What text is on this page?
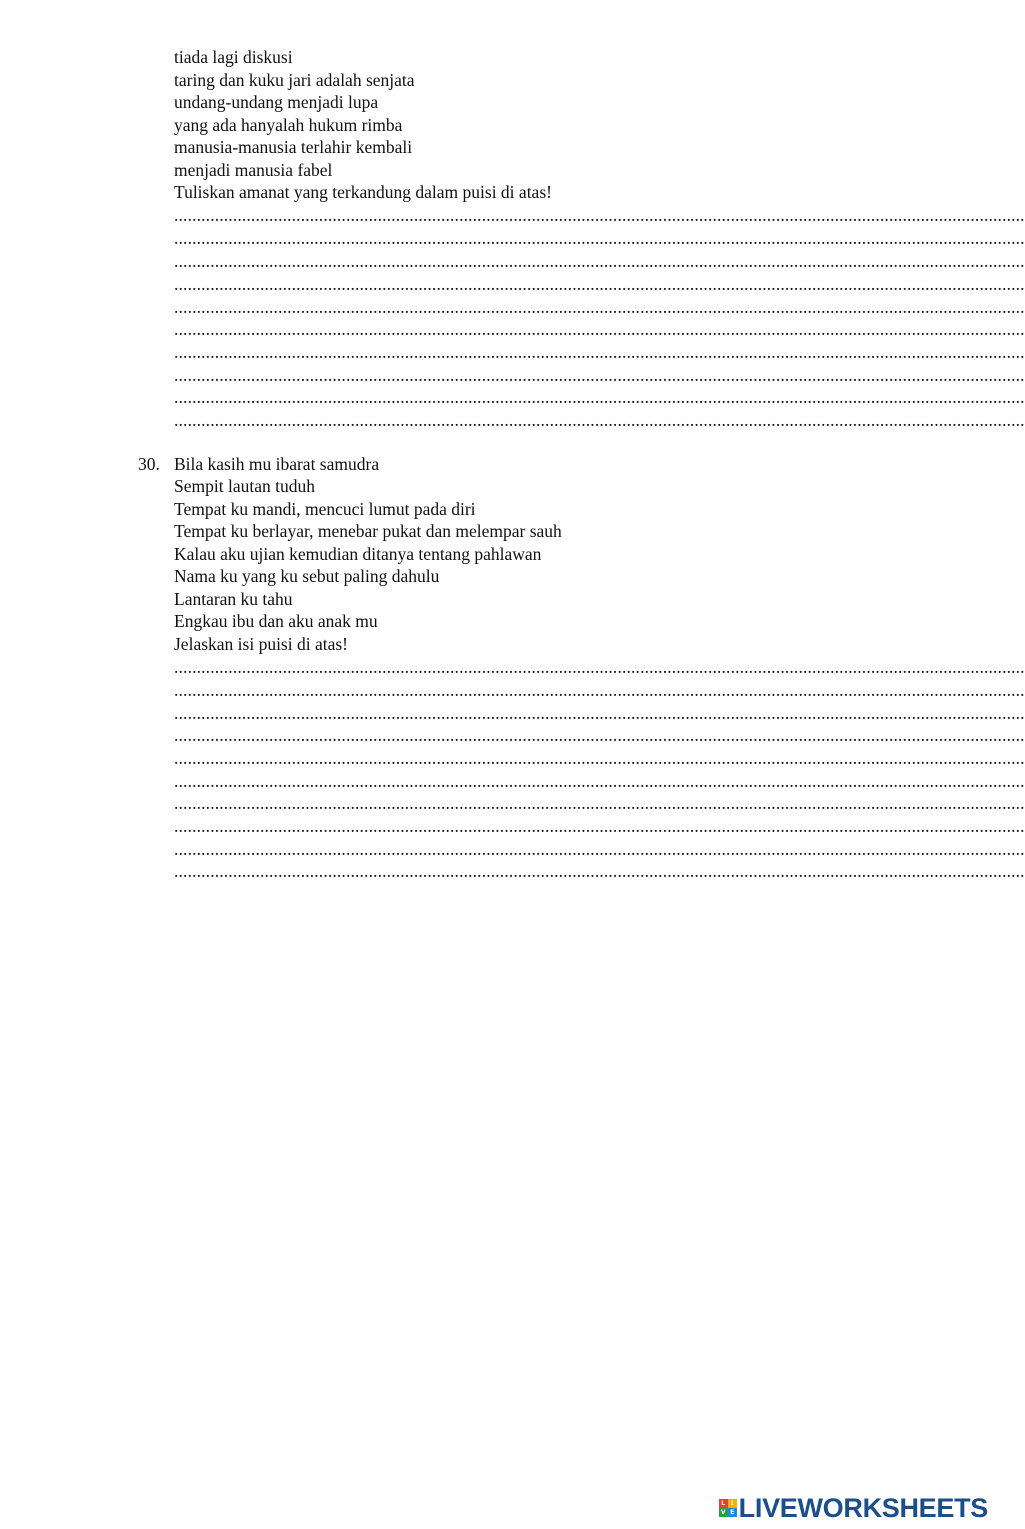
tiada lagi diskusi
taring dan kuku jari adalah senjata
undang-undang menjadi lupa
yang ada hanyalah hukum rimba
manusia-manusia terlahir kembali
menjadi manusia fabel
Tuliskan amanat yang terkandung dalam puisi di atas!
............................................................................................................................................................................................
............................................................................................................................................................................................
............................................................................................................................................................................................
............................................................................................................................................................................................
............................................................................................................................................................................................
............................................................................................................................................................................................
............................................................................................................................................................................................
............................................................................................................................................................................................
............................................................................................................................................................................................
............................................................................................................................................................................................
30. Bila kasih mu ibarat samudra
Sempit lautan tuduh
Tempat ku mandi, mencuci lumut pada diri
Tempat ku berlayar, menebar pukat dan melempar sauh
Kalau aku ujian kemudian ditanya tentang pahlawan
Nama ku yang ku sebut paling dahulu
Lantaran ku tahu
Engkau ibu dan aku anak mu
Jelaskan isi puisi di atas!
............................................................................................................................................................................................
............................................................................................................................................................................................
............................................................................................................................................................................................
............................................................................................................................................................................................
............................................................................................................................................................................................
............................................................................................................................................................................................
............................................................................................................................................................................................
............................................................................................................................................................................................
............................................................................................................................................................................................
............................................................................................................................................................................................
L I
V E LIVEWORKSHEETS
